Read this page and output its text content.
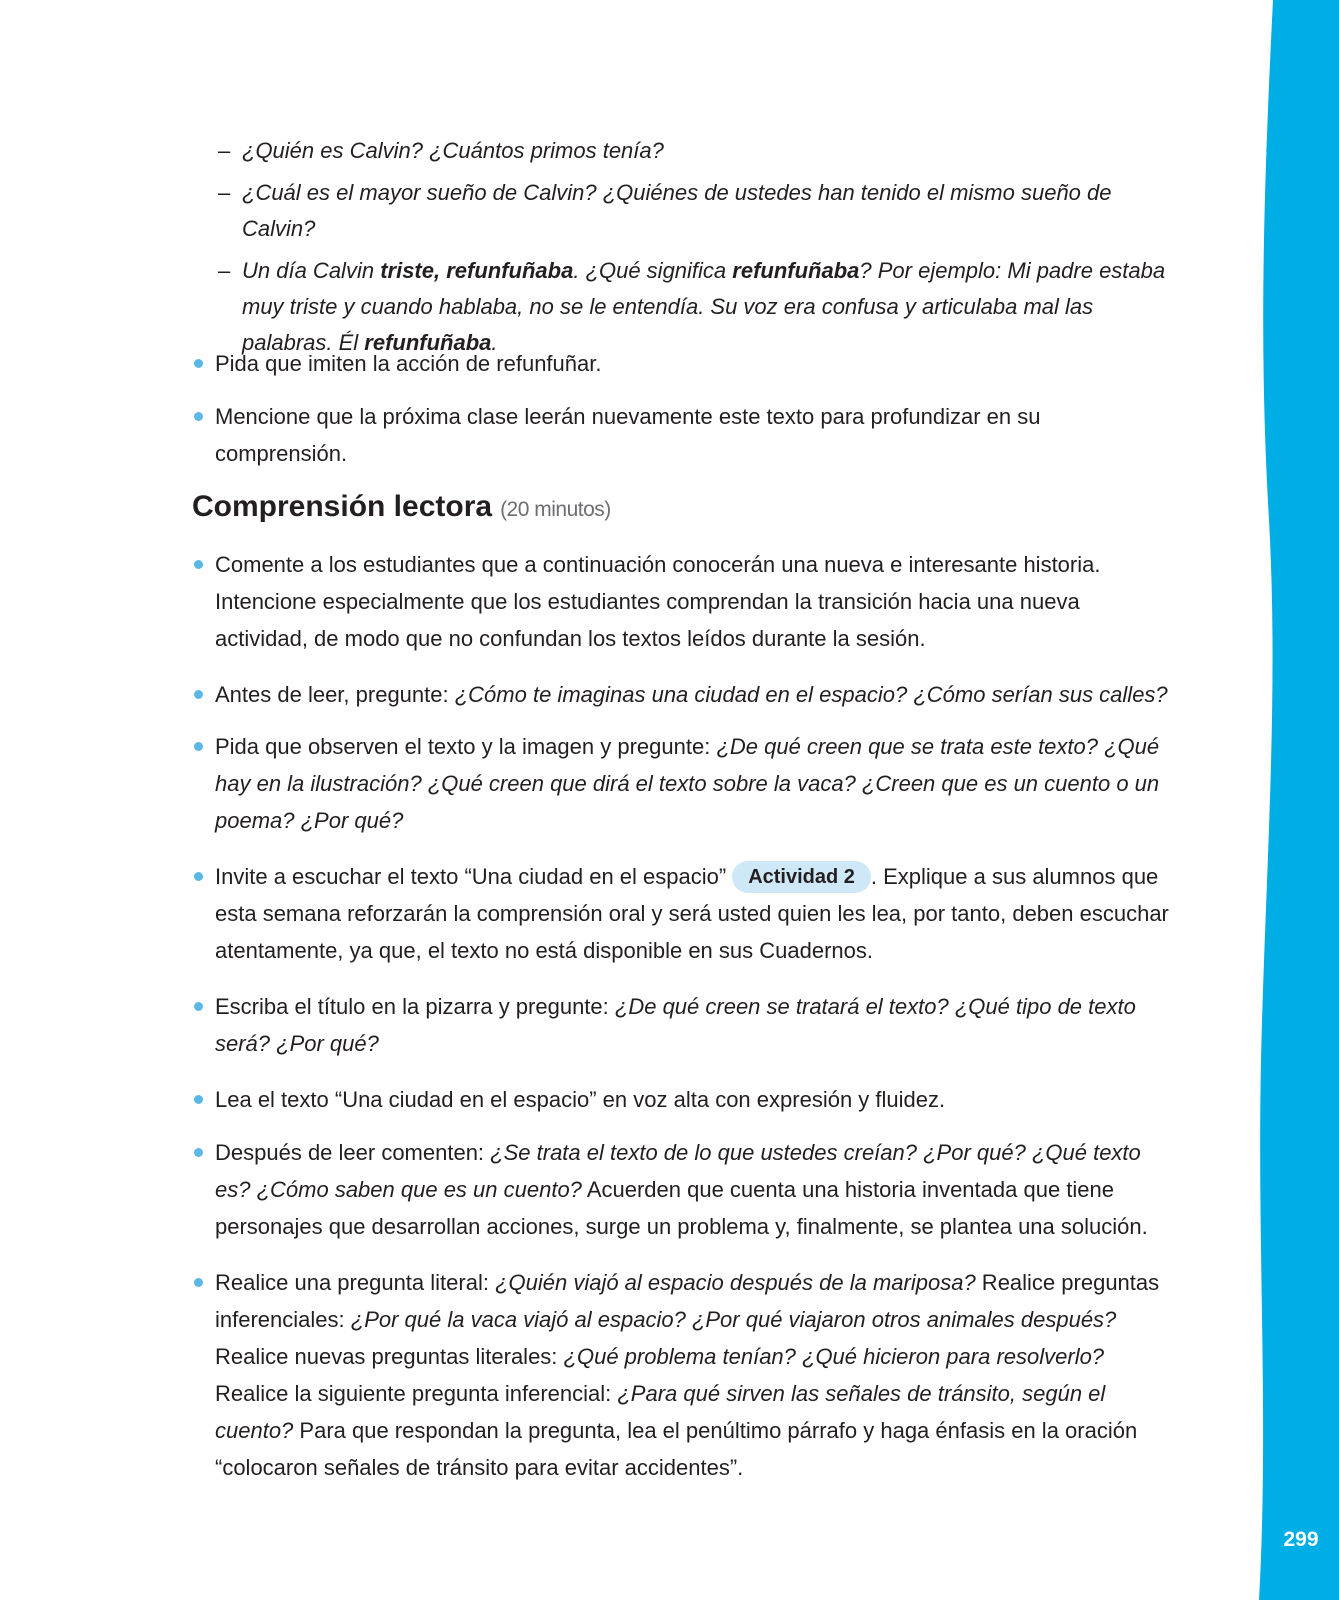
299
– ¿Quién es Calvin? ¿Cuántos primos tenía?
– ¿Cuál es el mayor sueño de Calvin? ¿Quiénes de ustedes han tenido el mismo sueño de Calvin?
– Un día Calvin triste, refunfuñaba. ¿Qué significa refunfuñaba? Por ejemplo: Mi padre estaba muy triste y cuando hablaba, no se le entendía. Su voz era confusa y articulaba mal las palabras. Él refunfuñaba.
Pida que imiten la acción de refunfuñar.
Mencione que la próxima clase leerán nuevamente este texto para profundizar en su comprensión.
Comprensión lectora (20 minutos)
Comente a los estudiantes que a continuación conocerán una nueva e interesante historia. Intencione especialmente que los estudiantes comprendan la transición hacia una nueva actividad, de modo que no confundan los textos leídos durante la sesión.
Antes de leer, pregunte: ¿Cómo te imaginas una ciudad en el espacio? ¿Cómo serían sus calles?
Pida que observen el texto y la imagen y pregunte: ¿De qué creen que se trata este texto? ¿Qué hay en la ilustración? ¿Qué creen que dirá el texto sobre la vaca? ¿Creen que es un cuento o un poema? ¿Por qué?
Invite a escuchar el texto “Una ciudad en el espacio” Actividad 2 . Explique a sus alumnos que esta semana reforzarán la comprensión oral y será usted quien les lea, por tanto, deben escuchar atentamente, ya que, el texto no está disponible en sus Cuadernos.
Escriba el título en la pizarra y pregunte: ¿De qué creen se tratará el texto? ¿Qué tipo de texto será? ¿Por qué?
Lea el texto “Una ciudad en el espacio” en voz alta con expresión y fluidez.
Después de leer comenten: ¿Se trata el texto de lo que ustedes creían? ¿Por qué? ¿Qué texto es? ¿Cómo saben que es un cuento? Acuerden que cuenta una historia inventada que tiene personajes que desarrollan acciones, surge un problema y, finalmente, se plantea una solución.
Realice una pregunta literal: ¿Quién viajó al espacio después de la mariposa? Realice preguntas inferenciales: ¿Por qué la vaca viajó al espacio? ¿Por qué viajaron otros animales después? Realice nuevas preguntas literales: ¿Qué problema tenían? ¿Qué hicieron para resolverlo? Realice la siguiente pregunta inferencial: ¿Para qué sirven las señales de tránsito, según el cuento? Para que respondan la pregunta, lea el penúltimo párrafo y haga énfasis en la oración “colocaron señales de tránsito para evitar accidentes”.
